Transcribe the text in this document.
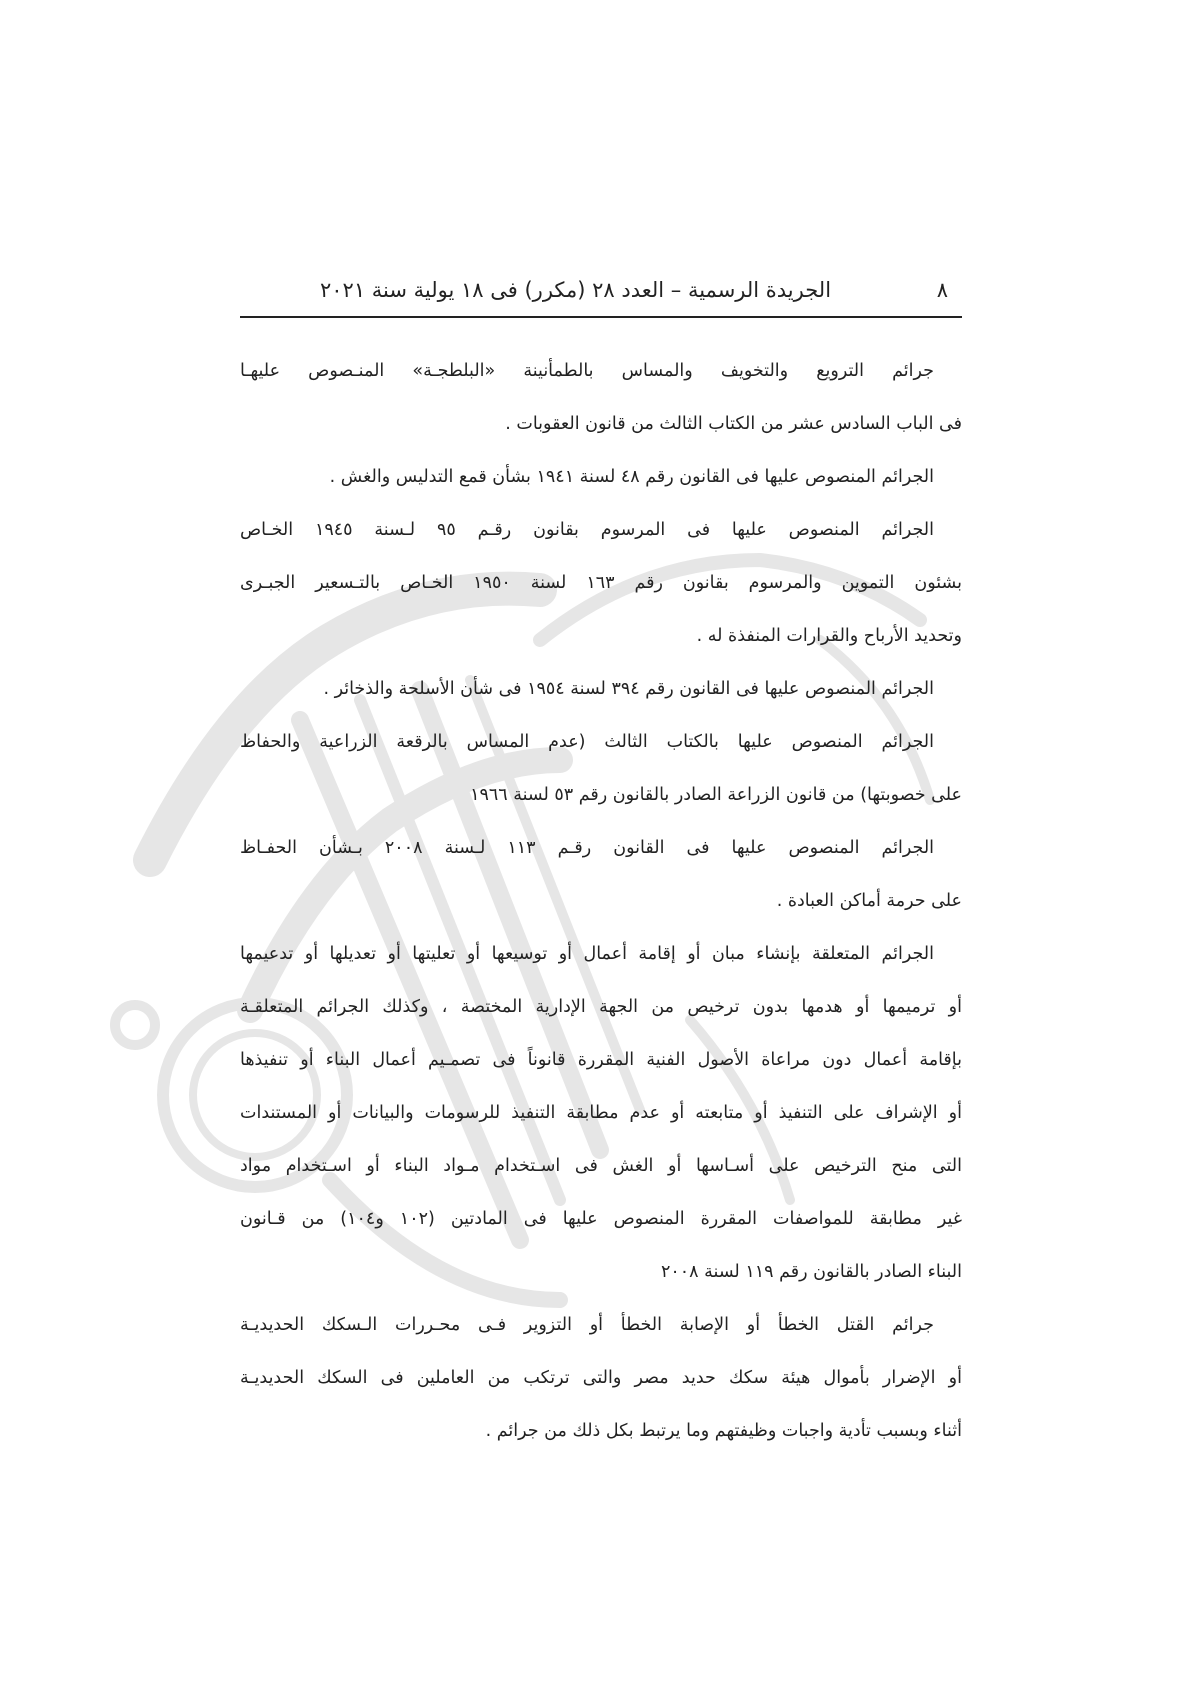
٨
الجريدة الرسمية – العدد ٢٨ (مكرر) فى ١٨ يولية سنة ٢٠٢١
جرائم الترويع والتخويف والمساس بالطمأنينة «البلطجـة» المنـصوص عليهـا
فى الباب السادس عشر من الكتاب الثالث من قانون العقوبات .
الجرائم المنصوص عليها فى القانون رقم ٤٨ لسنة ١٩٤١ بشأن قمع التدليس والغش .
الجرائم المنصوص عليها فى المرسوم بقانون رقـم ٩٥ لـسنة ١٩٤٥ الخـاص
بشئون التموين والمرسوم بقانون رقم ١٦٣ لسنة ١٩٥٠ الخـاص بالتـسعير الجبـرى
وتحديد الأرباح والقرارات المنفذة له .
الجرائم المنصوص عليها فى القانون رقم ٣٩٤ لسنة ١٩٥٤ فى شأن الأسلحة والذخائر .
الجرائم المنصوص عليها بالكتاب الثالث (عدم المساس بالرقعة الزراعية والحفاظ
على خصوبتها) من قانون الزراعة الصادر بالقانون رقم ٥٣ لسنة ١٩٦٦
الجرائم المنصوص عليها فى القانون رقـم ١١٣ لـسنة ٢٠٠٨ بـشأن الحفـاظ
على حرمة أماكن العبادة .
الجرائم المتعلقة بإنشاء مبان أو إقامة أعمال أو توسيعها أو تعليتها أو تعديلها أو تدعيمها
أو ترميمها أو هدمها بدون ترخيص من الجهة الإدارية المختصة ، وكذلك الجرائم المتعلقـة
بإقامة أعمال دون مراعاة الأصول الفنية المقررة قانوناً فى تصمـيم أعمال البناء أو تنفيذها
أو الإشراف على التنفيذ أو متابعته أو عدم مطابقة التنفيذ للرسومات والبيانات أو المستندات
التى منح الترخيص على أسـاسها أو الغش فى اسـتخدام مـواد البناء أو اسـتخدام مواد
غير مطابقة للمواصفات المقررة المنصوص عليها فى المادتين (١٠٢ و١٠٤) من قـانون
البناء الصادر بالقانون رقم ١١٩ لسنة ٢٠٠٨
جرائم القتل الخطأ أو الإصابة الخطأ أو التزوير فـى محـررات الـسكك الحديديـة
أو الإضرار بأموال هيئة سكك حديد مصر والتى ترتكب من العاملين فى السكك الحديديـة
أثناء وبسبب تأدية واجبات وظيفتهم وما يرتبط بكل ذلك من جرائم .
